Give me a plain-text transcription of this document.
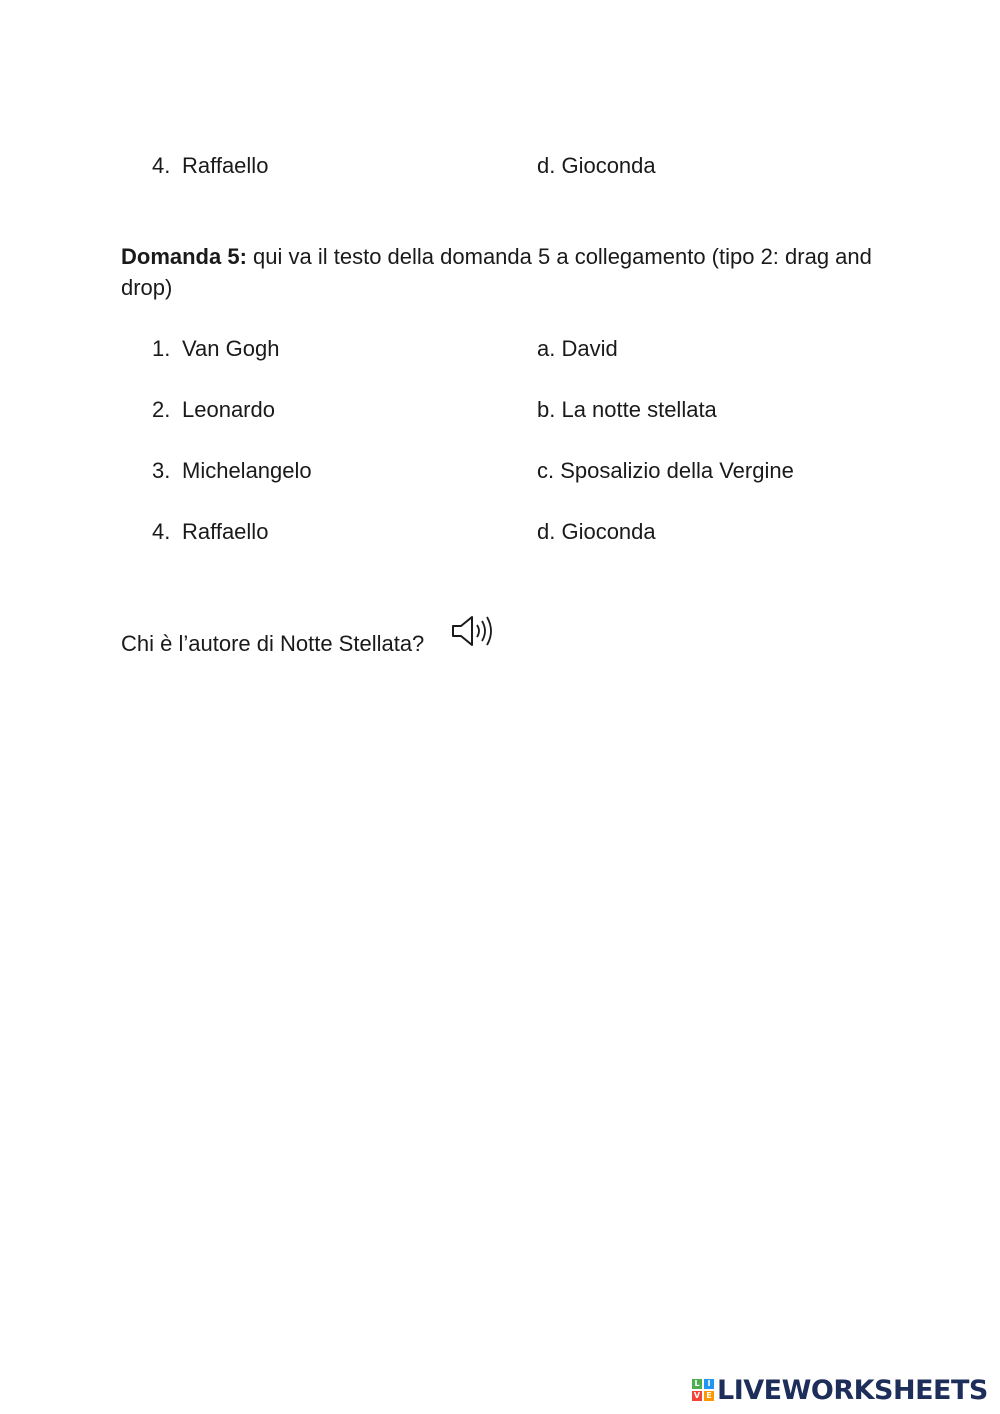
4. Raffaello	d. Gioconda
Domanda 5: qui va il testo della domanda 5 a collegamento (tipo 2: drag and drop)
1. Van Gogh
2. Leonardo
3. Michelangelo
4. Raffaello
a. David
b. La notte stellata
c. Sposalizio della Vergine
d. Gioconda
Chi è l’autore di Notte Stellata?
L I
V E LIVEWORKSHEETS
